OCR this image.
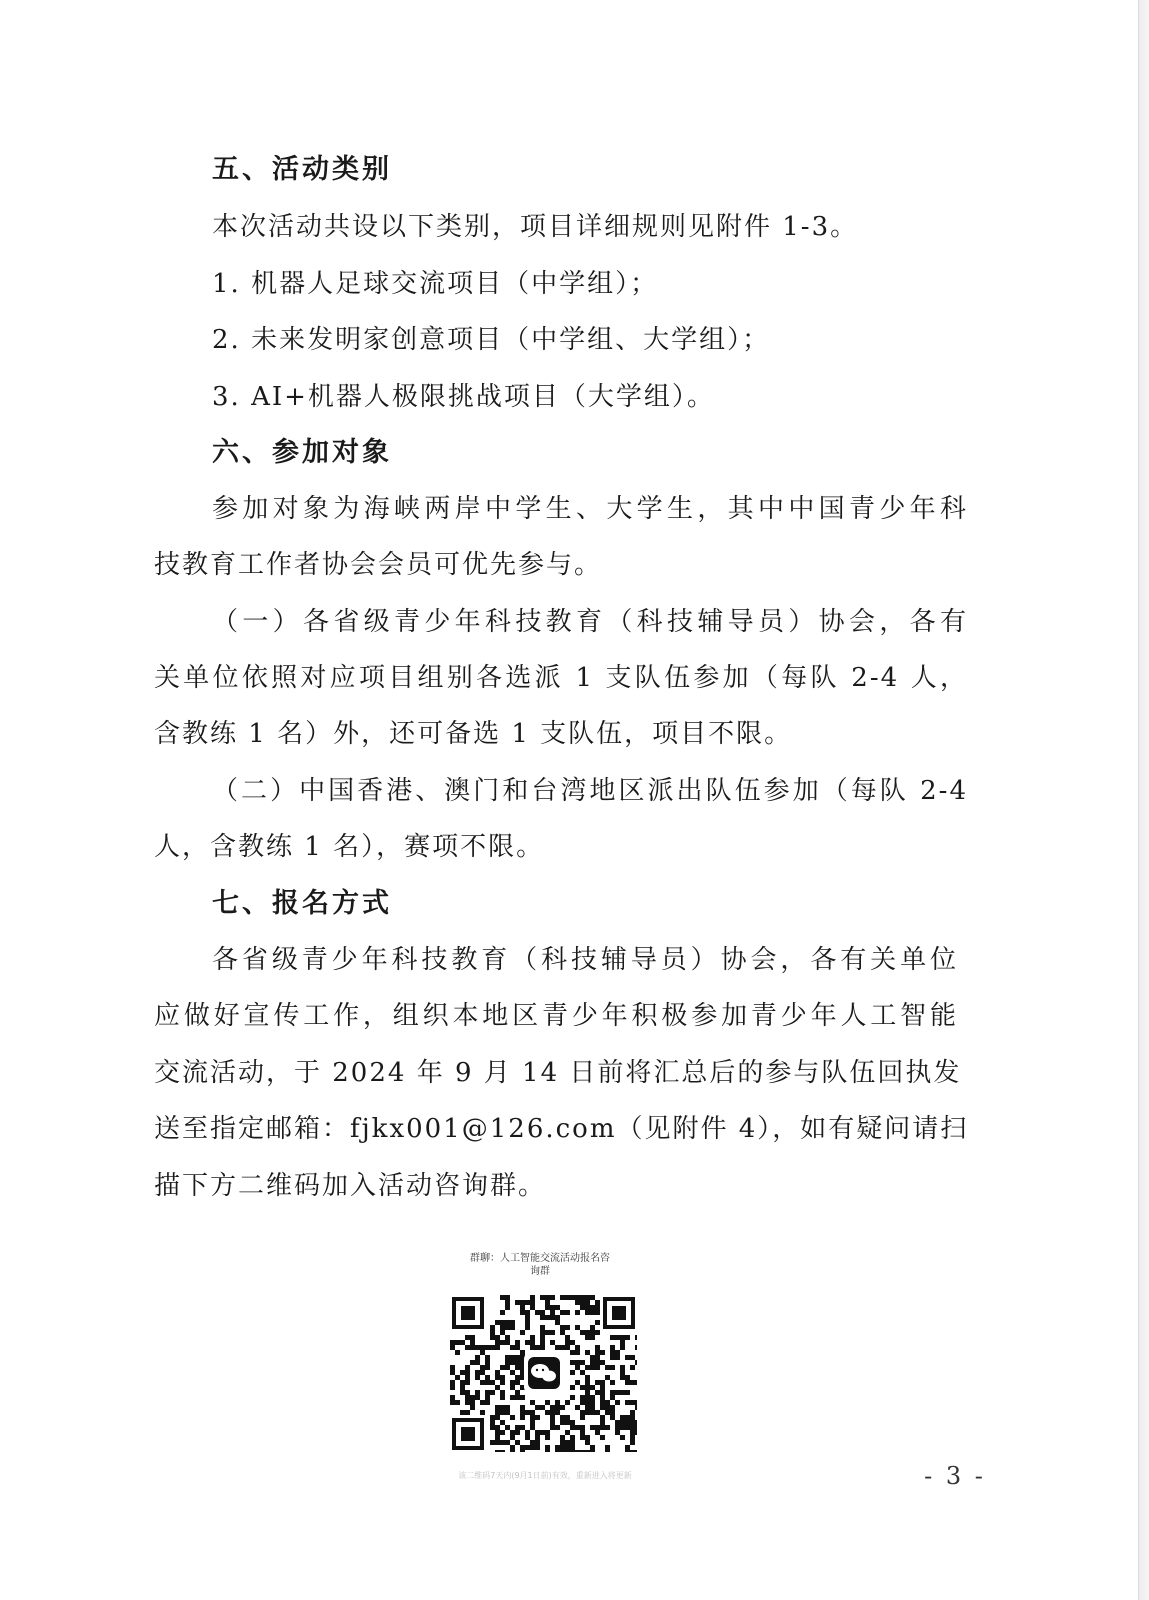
五、活动类别
本次活动共设以下类别，项目详细规则见附件 1-3。
1. 机器人足球交流项目（中学组）；
2. 未来发明家创意项目（中学组、大学组）；
3. AI+机器人极限挑战项目（大学组）。
六、参加对象
参加对象为海峡两岸中学生、大学生，其中中国青少年科
技教育工作者协会会员可优先参与。
（一）各省级青少年科技教育（科技辅导员）协会，各有
关单位依照对应项目组别各选派 1 支队伍参加（每队 2-4 人，
含教练 1 名）外，还可备选 1 支队伍，项目不限。
（二）中国香港、澳门和台湾地区派出队伍参加（每队 2-4
人，含教练 1 名），赛项不限。
七、报名方式
各省级青少年科技教育（科技辅导员）协会，各有关单位
应做好宣传工作，组织本地区青少年积极参加青少年人工智能
交流活动，于 2024 年 9 月 14 日前将汇总后的参与队伍回执发
送至指定邮箱：fjkx001@126.com（见附件 4），如有疑问请扫
描下方二维码加入活动咨询群。
群聊：人工智能交流活动报名咨
询群
该二维码7天内(9月1日前)有效，重新进入将更新	- 3 -
